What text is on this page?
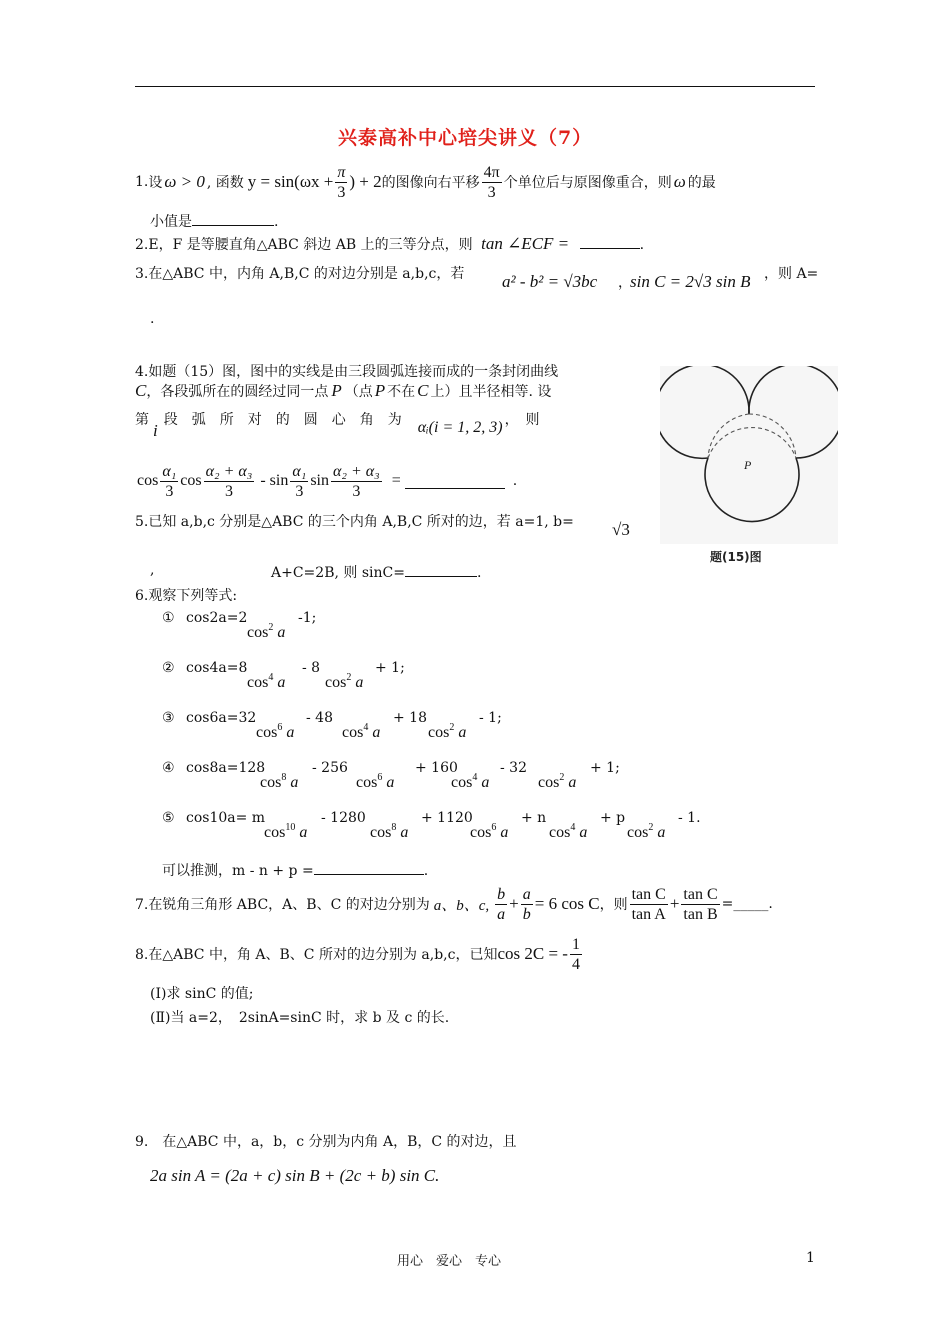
兴泰高补中心培尖讲义（7）
1. 设 ω > 0 , 函数 $y = \sin(\omega x + \frac{\pi}{3}$ ) + 2 的图像向右平移 $\frac{4\pi}{3}$ 个单位后与原图像重合，则 ω 的最
小值是	.
2.E，F 是等腰直角△ABC 斜边 AB 上的三等分点，则 tan ∠ECF =	.
3.在△ABC 中，内角 A,B,C 的对边分别是 a,b,c，若 a² - b² = √3bc ，
sin C = 2√3 sin B ，则 A=
.
4.如题（15）图，图中的实线是由三段圆弧连接而成的一条封闭曲线
C，各段弧所在的圆经过同一点 P （点 P 不在 C 上）且半径相等. 设
第
i
段　弧　所　对　的　圆　心　角　为 αᵢ(i = 1, 2, 3) ，　则
$\cos \frac{\text{α₁}}{3}$ $\cos \frac{\text{α₂ + α₃}}{3}$ - $\sin \frac{\text{α₁}}{3}$ $\sin \frac{\text{α₂ + α₃}}{3}$ =	.
P
题(15)图
5.已知 a,b,c 分别是△ABC 的三个内角 A,B,C 所对的边，若 a=1, b= √3
,	A+C=2B, 则 sinC=	.
6.观察下列等式:
① cos2a=2
$\cos^2 a$
-1;
② cos4a=8
$\cos^4 a$
- 8
$\cos^2 a$
+ 1;
③ cos6a=32
$\cos^6 a$
- 48
$\cos^4 a$
+ 18
$\cos^2 a$
- 1;
④ cos8a=128
$\cos^8 a$
- 256
$\cos^6 a$
+ 160
$\cos^4 a$
- 32
$\cos^2 a$
+ 1;
⑤ cos10a= m
$\cos^{10} a$
- 1280
$\cos^8 a$
+ 1120
$\cos^6 a$
+ n
$\cos^4 a$
+ p
$\cos^2 a$
- 1.
可以推测，m - n + p =	.
7.在锐角三角形 ABC，A、B、C 的对边分别为 a、b、c, $\frac{b}{a} + \frac{a}{b} = 6$ cos C ，则 $\frac{\text{tan C}}{\text{tan A}} + \frac{\text{tan C}}{\text{tan B}}$ =_____.
8.在△ABC 中，角 A、B、C 所对的边分别为 a,b,c，已知 cos 2C = - $\frac{1}{4}$
(I)求 sinC 的值;
(Ⅱ)当 a=2，　2sinA=sinC 时，求 b 及 c 的长.
9.　在△ABC 中，a，b，c 分别为内角 A，B，C 的对边，且
2a sin A = (2a + c) sin B + (2c + b) sin C.
用心　爱心　专心	1
